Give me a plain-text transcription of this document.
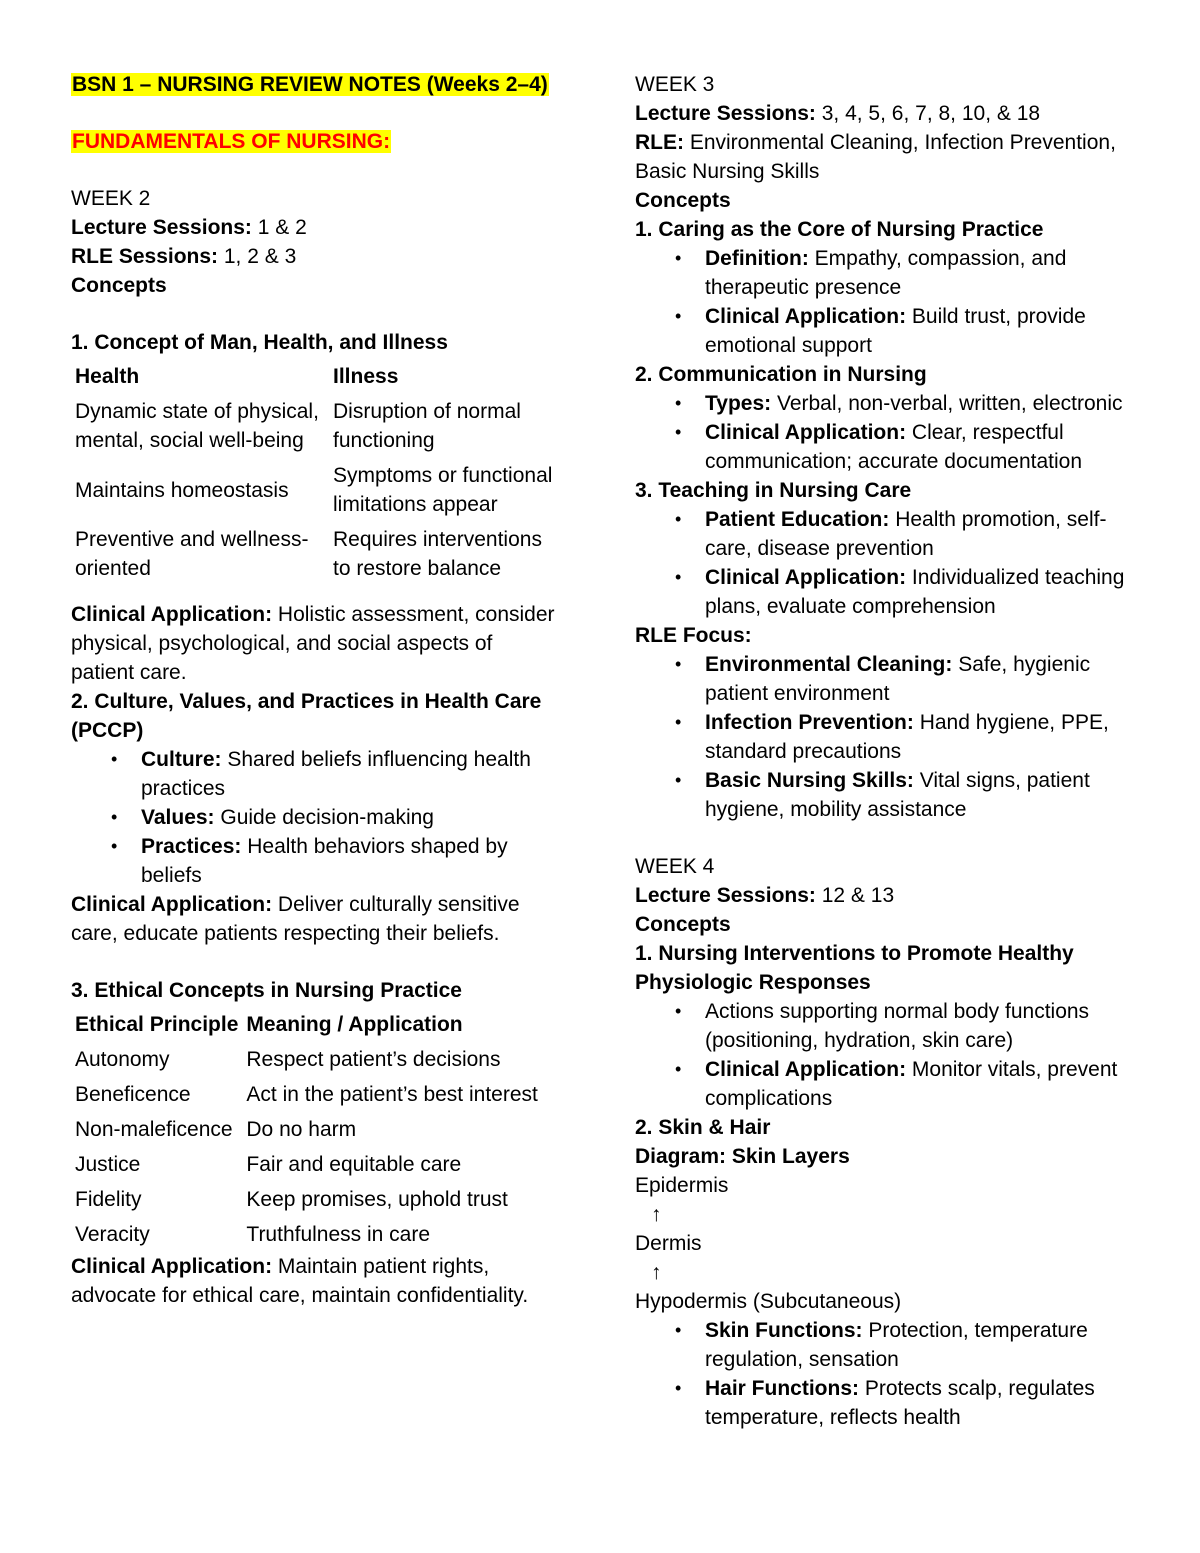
BSN 1 – NURSING REVIEW NOTES (Weeks 2–4)

FUNDAMENTALS OF NURSING:

WEEK 2

Lecture Sessions: 1 & 2

RLE Sessions: 1, 2 & 3

Concepts

1. Concept of Man, Health, and Illness

Health	Illness
Dynamic state of physical, mental, social well-being	Disruption of normal functioning
Maintains homeostasis	Symptoms or functional limitations appear
Preventive and wellness-oriented	Requires interventions to restore balance

Clinical Application: Holistic assessment, consider physical, psychological, and social aspects of patient care.

2. Culture, Values, and Practices in Health Care (PCCP)

• Culture: Shared beliefs influencing health practices
• Values: Guide decision-making
• Practices: Health behaviors shaped by beliefs

Clinical Application: Deliver culturally sensitive care, educate patients respecting their beliefs.

3. Ethical Concepts in Nursing Practice

Ethical Principle	Meaning / Application
Autonomy	Respect patient’s decisions
Beneficence	Act in the patient’s best interest
Non-maleficence	Do no harm
Justice	Fair and equitable care
Fidelity	Keep promises, uphold trust
Veracity	Truthfulness in care

Clinical Application: Maintain patient rights, advocate for ethical care, maintain confidentiality.

WEEK 3

Lecture Sessions: 3, 4, 5, 6, 7, 8, 10, & 18

RLE: Environmental Cleaning, Infection Prevention, Basic Nursing Skills

Concepts

1. Caring as the Core of Nursing Practice

• Definition: Empathy, compassion, and therapeutic presence
• Clinical Application: Build trust, provide emotional support

2. Communication in Nursing

• Types: Verbal, non-verbal, written, electronic
• Clinical Application: Clear, respectful communication; accurate documentation

3. Teaching in Nursing Care

• Patient Education: Health promotion, self-care, disease prevention
• Clinical Application: Individualized teaching plans, evaluate comprehension

RLE Focus:

• Environmental Cleaning: Safe, hygienic patient environment
• Infection Prevention: Hand hygiene, PPE, standard precautions
• Basic Nursing Skills: Vital signs, patient hygiene, mobility assistance

WEEK 4

Lecture Sessions: 12 & 13

Concepts

1. Nursing Interventions to Promote Healthy Physiologic Responses

• Actions supporting normal body functions (positioning, hydration, skin care)
• Clinical Application: Monitor vitals, prevent complications

2. Skin & Hair

Diagram: Skin Layers

Epidermis

↑

Dermis

↑

Hypodermis (Subcutaneous)

• Skin Functions: Protection, temperature regulation, sensation
• Hair Functions: Protects scalp, regulates temperature, reflects health
